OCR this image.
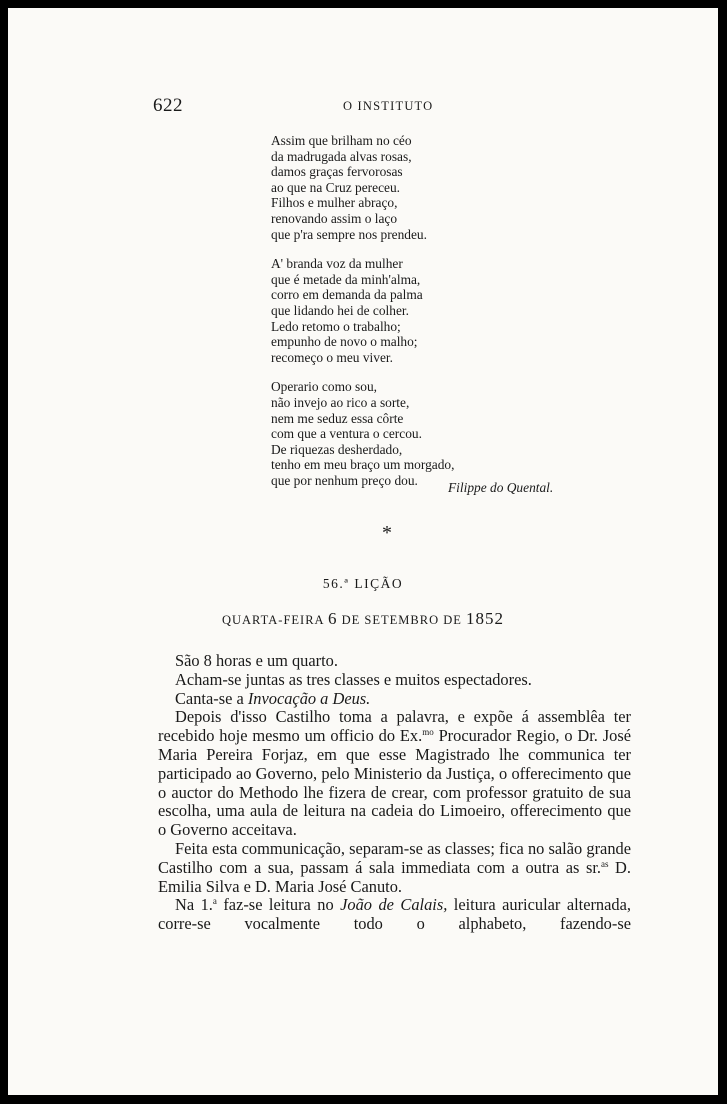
622	O INSTITUTO
Assim que brilham no céo
da madrugada alvas rosas,
damos graças fervorosas
ao que na Cruz pereceu.
Filhos e mulher abraço,
renovando assim o laço
que p'ra sempre nos prendeu.
A' branda voz da mulher
que é metade da minh'alma,
corro em demanda da palma
que lidando hei de colher.
Ledo retomo o trabalho;
empunho de novo o malho;
recomeço o meu viver.
Operario como sou,
não invejo ao rico a sorte,
nem me seduz essa côrte
com que a ventura o cercou.
De riquezas desherdado,
tenho em meu braço um morgado,
que por nenhum preço dou.	Filippe do Quental.
*
56.ª LIÇÃO
QUARTA-FEIRA 6 DE SETEMBRO DE 1852

São 8 horas e um quarto.

Acham-se juntas as tres classes e muitos espectadores.

Canta-se a Invocação a Deus.

Depois d'isso Castilho toma a palavra, e expõe á assemblêa ter recebido hoje mesmo um officio do Ex.$^{mo}$ Procurador Regio, o Dr. José Maria Pereira Forjaz, em que esse Magistrado lhe communica ter participado ao Governo, pelo Ministerio da Justiça, o offerecimento que o auctor do Methodo lhe fizera de crear, com professor gratuito de sua escolha, uma aula de leitura na cadeia do Limoeiro, offerecimento que o Governo acceitava.

Feita esta communicação, separam-se as classes; fica no salão grande Castilho com a sua, passam á sala immediata com a outra as sr.$^{as}$ D. Emilia Silva e D. Maria José Canuto.

Na 1.$^a$ faz-se leitura no João de Calais, leitura auricular alternada, corre-se vocalmente todo o alphabeto, fazendo-se
